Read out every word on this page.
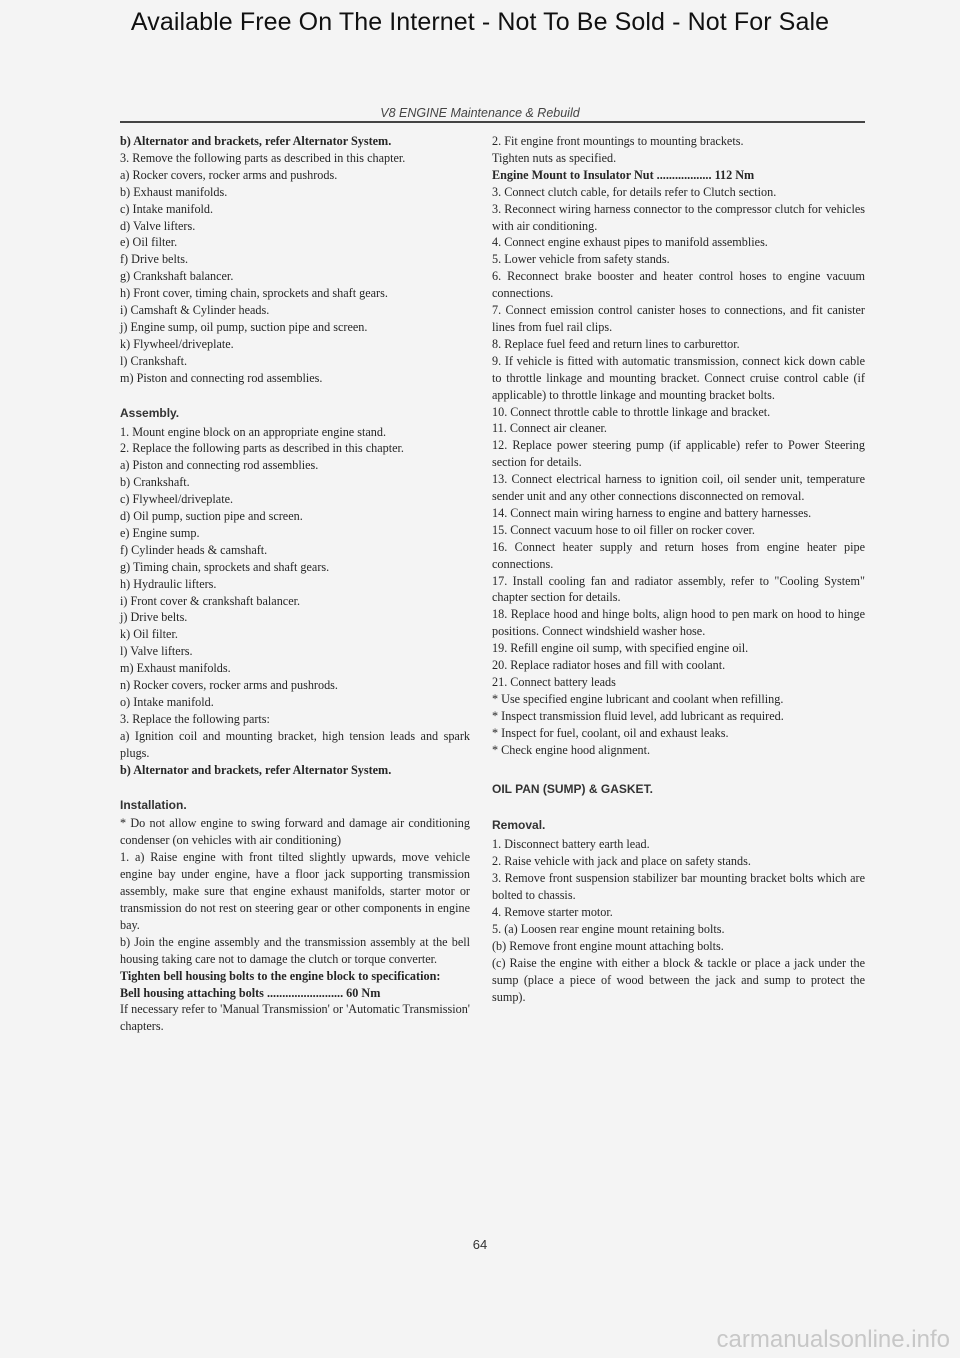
Available Free On The Internet - Not To Be Sold - Not For Sale
V8 ENGINE Maintenance & Rebuild

b) Alternator and brackets, refer Alternator System.

3. Remove the following parts as described in this chapter.

a) Rocker covers, rocker arms and pushrods.

b) Exhaust manifolds.

c) Intake manifold.

d) Valve lifters.

e) Oil filter.

f) Drive belts.

g) Crankshaft balancer.

h) Front cover, timing chain, sprockets and shaft gears.

i) Camshaft & Cylinder heads.

j) Engine sump, oil pump, suction pipe and screen.

k) Flywheel/driveplate.

l) Crankshaft.

m) Piston and connecting rod assemblies.

Assembly.

1. Mount engine block on an appropriate engine stand.

2. Replace the following parts as described in this chapter.

a) Piston and connecting rod assemblies.

b) Crankshaft.

c) Flywheel/driveplate.

d) Oil pump, suction pipe and screen.

e) Engine sump.

f) Cylinder heads & camshaft.

g) Timing chain, sprockets and shaft gears.

h) Hydraulic lifters.

i) Front cover & crankshaft balancer.

j) Drive belts.

k) Oil filter.

l) Valve lifters.

m) Exhaust manifolds.

n) Rocker covers, rocker arms and pushrods.

o) Intake manifold.

3. Replace the following parts:

a) Ignition coil and mounting bracket, high tension leads and spark plugs.

b) Alternator and brackets, refer Alternator System.

Installation.

* Do not allow engine to swing forward and damage air conditioning condenser (on vehicles with air conditioning)

1. a) Raise engine with front tilted slightly upwards, move vehicle engine bay under engine, have a floor jack supporting transmission assembly, make sure that engine exhaust manifolds, starter motor or transmission do not rest on steering gear or other components in engine bay.

b) Join the engine assembly and the transmission assembly at the bell housing taking care not to damage the clutch or torque converter.

Tighten bell housing bolts to the engine block to specification:

Bell housing attaching bolts ......................... 60 Nm

If necessary refer to 'Manual Transmission' or 'Automatic Transmission' chapters.

2. Fit engine front mountings to mounting brackets.

Tighten nuts as specified.

Engine Mount to Insulator Nut .................. 112 Nm

3. Connect clutch cable, for details refer to Clutch section.

3. Reconnect wiring harness connector to the compressor clutch for vehicles with air conditioning.

4. Connect engine exhaust pipes to manifold assemblies.

5. Lower vehicle from safety stands.

6. Reconnect brake booster and heater control hoses to engine vacuum connections.

7. Connect emission control canister hoses to connections, and fit canister lines from fuel rail clips.

8. Replace fuel feed and return lines to carburettor.

9. If vehicle is fitted with automatic transmission, connect kick down cable to throttle linkage and mounting bracket. Connect cruise control cable (if applicable) to throttle linkage and mounting bracket bolts.

10. Connect throttle cable to throttle linkage and bracket.

11. Connect air cleaner.

12. Replace power steering pump (if applicable) refer to Power Steering section for details.

13. Connect electrical harness to ignition coil, oil sender unit, temperature sender unit and any other connections disconnected on removal.

14. Connect main wiring harness to engine and battery harnesses.

15. Connect vacuum hose to oil filler on rocker cover.

16. Connect heater supply and return hoses from engine heater pipe connections.

17. Install cooling fan and radiator assembly, refer to "Cooling System" chapter section for details.

18. Replace hood and hinge bolts, align hood to pen mark on hood to hinge positions. Connect windshield washer hose.

19. Refill engine oil sump, with specified engine oil.

20. Replace radiator hoses and fill with coolant.

21. Connect battery leads

* Use specified engine lubricant and coolant when refilling.

* Inspect transmission fluid level, add lubricant as required.

* Inspect for fuel, coolant, oil and exhaust leaks.

* Check engine hood alignment.

OIL PAN (SUMP) & GASKET.
Removal.

1. Disconnect battery earth lead.

2. Raise vehicle with jack and place on safety stands.

3. Remove front suspension stabilizer bar mounting bracket bolts which are bolted to chassis.

4. Remove starter motor.

5. (a) Loosen rear engine mount retaining bolts.

(b) Remove front engine mount attaching bolts.

(c) Raise the engine with either a block & tackle or place a jack under the sump (place a piece of wood between the jack and sump to protect the sump).

64
carmanualsonline.info
